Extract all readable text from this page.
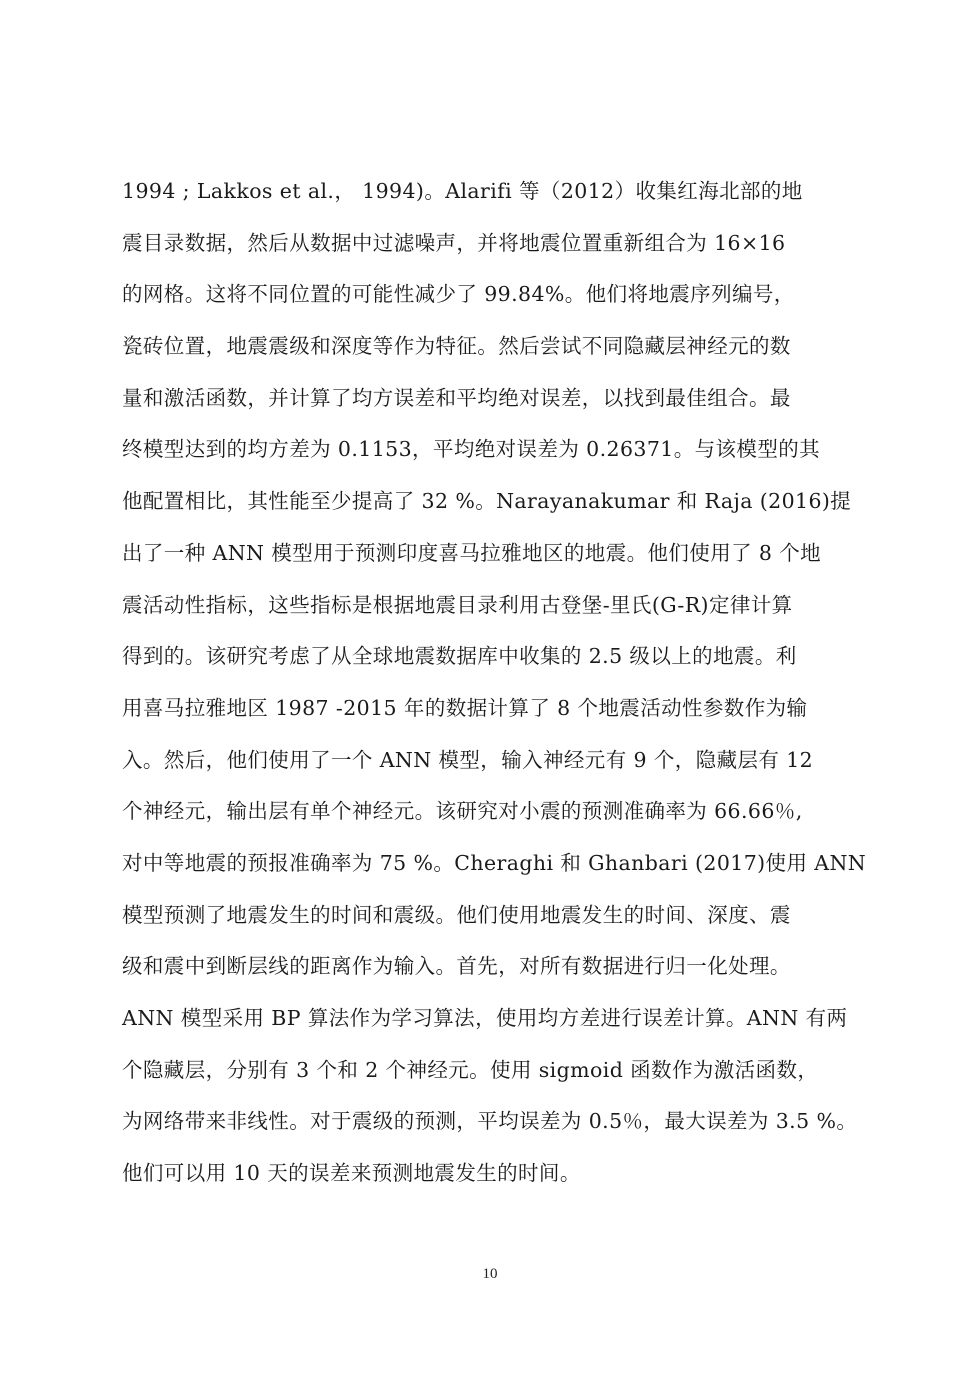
1994 ; Lakkos et al.， 1994)。Alarifi 等（2012）收集红海北部的地
震目录数据，然后从数据中过滤噪声，并将地震位置重新组合为 16×16
的网格。这将不同位置的可能性减少了 99.84%。他们将地震序列编号，
瓷砖位置，地震震级和深度等作为特征。然后尝试不同隐藏层神经元的数
量和激活函数，并计算了均方误差和平均绝对误差，以找到最佳组合。最
终模型达到的均方差为 0.1153，平均绝对误差为 0.26371。与该模型的其
他配置相比，其性能至少提高了 32 %。Narayanakumar 和 Raja (2016)提
出了一种 ANN 模型用于预测印度喜马拉雅地区的地震。他们使用了 8 个地
震活动性指标，这些指标是根据地震目录利用古登堡-里氏(G-R)定律计算
得到的。该研究考虑了从全球地震数据库中收集的 2.5 级以上的地震。利
用喜马拉雅地区 1987 -2015 年的数据计算了 8 个地震活动性参数作为输
入。然后，他们使用了一个 ANN 模型，输入神经元有 9 个，隐藏层有 12
个神经元，输出层有单个神经元。该研究对小震的预测准确率为 66.66％,
对中等地震的预报准确率为 75 %。Cheraghi 和 Ghanbari (2017)使用 ANN
模型预测了地震发生的时间和震级。他们使用地震发生的时间、深度、震
级和震中到断层线的距离作为输入。首先，对所有数据进行归一化处理。
ANN 模型采用 BP 算法作为学习算法，使用均方差进行误差计算。ANN 有两
个隐藏层，分别有 3 个和 2 个神经元。使用 sigmoid 函数作为激活函数，
为网络带来非线性。对于震级的预测，平均误差为 0.5％，最大误差为 3.5 %。
他们可以用 10 天的误差来预测地震发生的时间。
10
